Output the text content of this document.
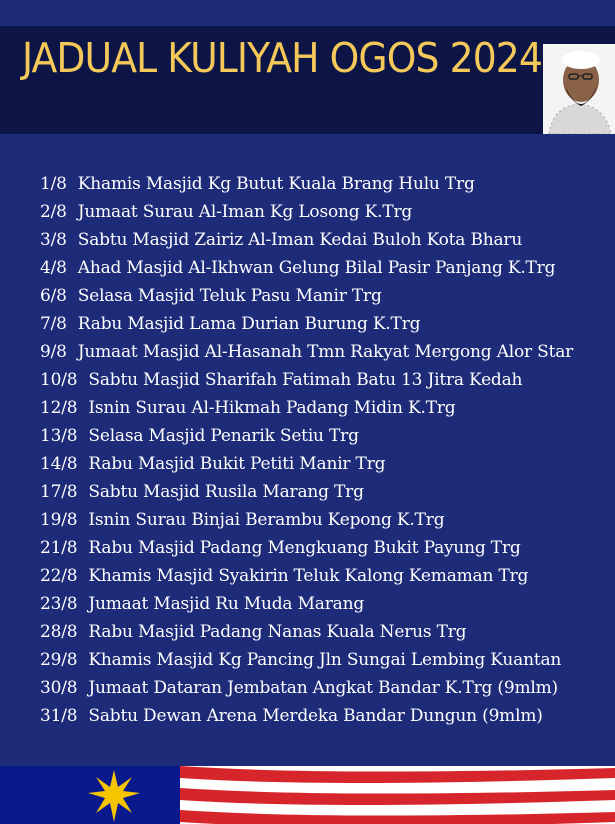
JADUAL KULIYAH OGOS 2024
1/8 Khamis Masjid Kg Butut Kuala Brang Hulu Trg
2/8 Jumaat Surau Al-Iman Kg Losong K.Trg
3/8 Sabtu Masjid Zairiz Al-Iman Kedai Buloh Kota Bharu
4/8 Ahad Masjid Al-Ikhwan Gelung Bilal Pasir Panjang K.Trg
6/8 Selasa Masjid Teluk Pasu Manir Trg
7/8 Rabu Masjid Lama Durian Burung K.Trg
9/8 Jumaat Masjid Al-Hasanah Tmn Rakyat Mergong Alor Star
10/8 Sabtu Masjid Sharifah Fatimah Batu 13 Jitra Kedah
12/8 Isnin Surau Al-Hikmah Padang Midin K.Trg
13/8 Selasa Masjid Penarik Setiu Trg
14/8 Rabu Masjid Bukit Petiti Manir Trg
17/8 Sabtu Masjid Rusila Marang Trg
19/8 Isnin Surau Binjai Berambu Kepong K.Trg
21/8 Rabu Masjid Padang Mengkuang Bukit Payung Trg
22/8 Khamis Masjid Syakirin Teluk Kalong Kemaman Trg
23/8 Jumaat Masjid Ru Muda Marang
28/8 Rabu Masjid Padang Nanas Kuala Nerus Trg
29/8 Khamis Masjid Kg Pancing Jln Sungai Lembing Kuantan
30/8 Jumaat Dataran Jembatan Angkat Bandar K.Trg (9mlm)
31/8 Sabtu Dewan Arena Merdeka Bandar Dungun (9mlm)
